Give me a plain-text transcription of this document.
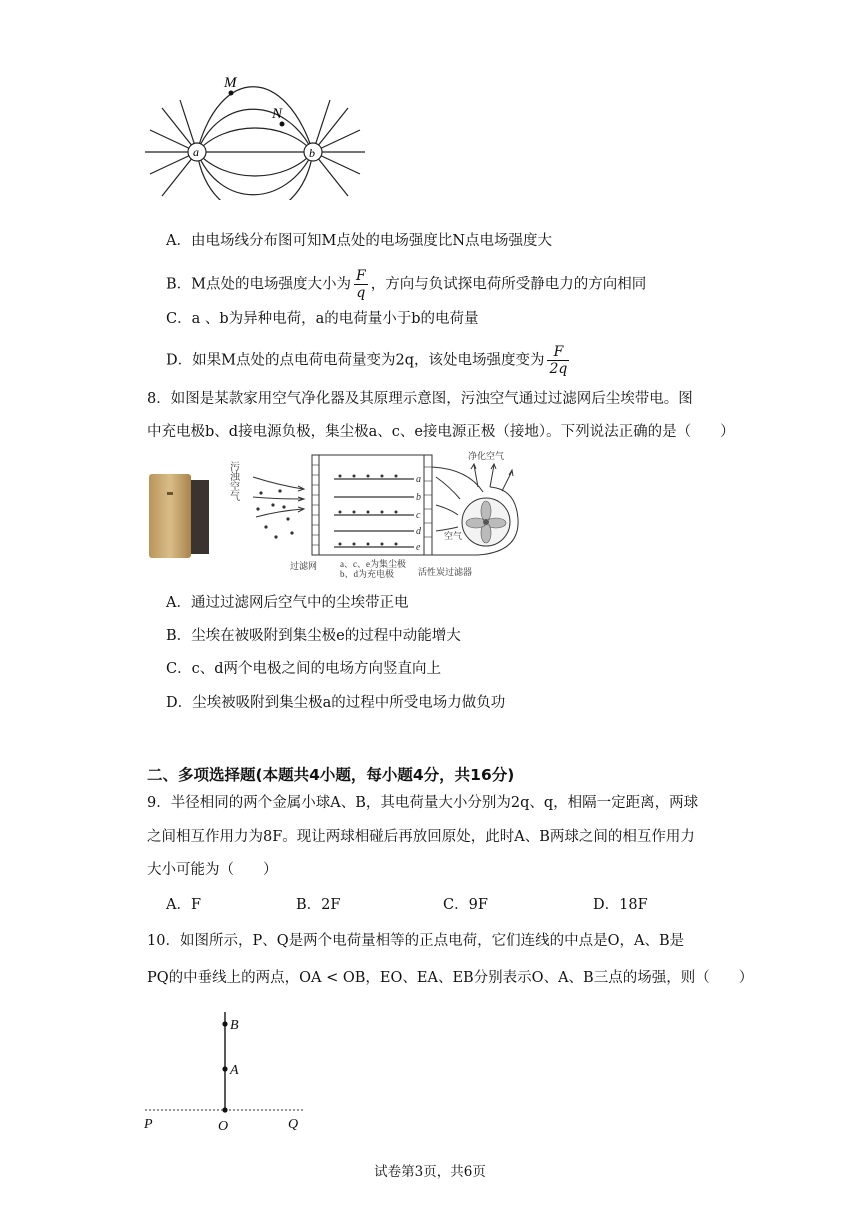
a	b
M
N
A．由电场线分布图可知M点处的电场强度比N点电场强度大
B．M点处的电场强度大小为 $\frac{F}{q}$ ，方向与负试探电荷所受静电力的方向相同
C．a 、b为异种电荷，a的电荷量小于b的电荷量
D．如果M点处的点电荷电荷量变为2q，该处电场强度变为 $\frac{F}{2q}$
8．如图是某款家用空气净化器及其原理示意图，污浊空气通过过滤网后尘埃带电。图
中充电极b、d接电源负极，集尘极a、c、e接电源正极（接地）。下列说法正确的是（　　）
污浊空气	a
b
c
d
e
净化空气
空气
过滤网	a、c、e为集尘极
b、d为充电极	活性炭过滤器
A．通过过滤网后空气中的尘埃带正电
B．尘埃在被吸附到集尘极e的过程中动能增大
C．c、d两个电极之间的电场方向竖直向上
D．尘埃被吸附到集尘极a的过程中所受电场力做负功
二、多项选择题(本题共4小题，每小题4分，共16分)
9．半径相同的两个金属小球A、B，其电荷量大小分别为2q、q，相隔一定距离，两球
之间相互作用力为8F。现让两球相碰后再放回原处，此时A、B两球之间的相互作用力
大小可能为（　　）
A．F	B．2F	C．9F	D．18F
10．如图所示，P、Q是两个电荷量相等的正点电荷，它们连线的中点是O，A、B是
PQ的中垂线上的两点，OA < OB，EO、EA、EB分别表示O、A、B三点的场强，则（　　）
B
A
P	O	Q
试卷第3页，共6页
